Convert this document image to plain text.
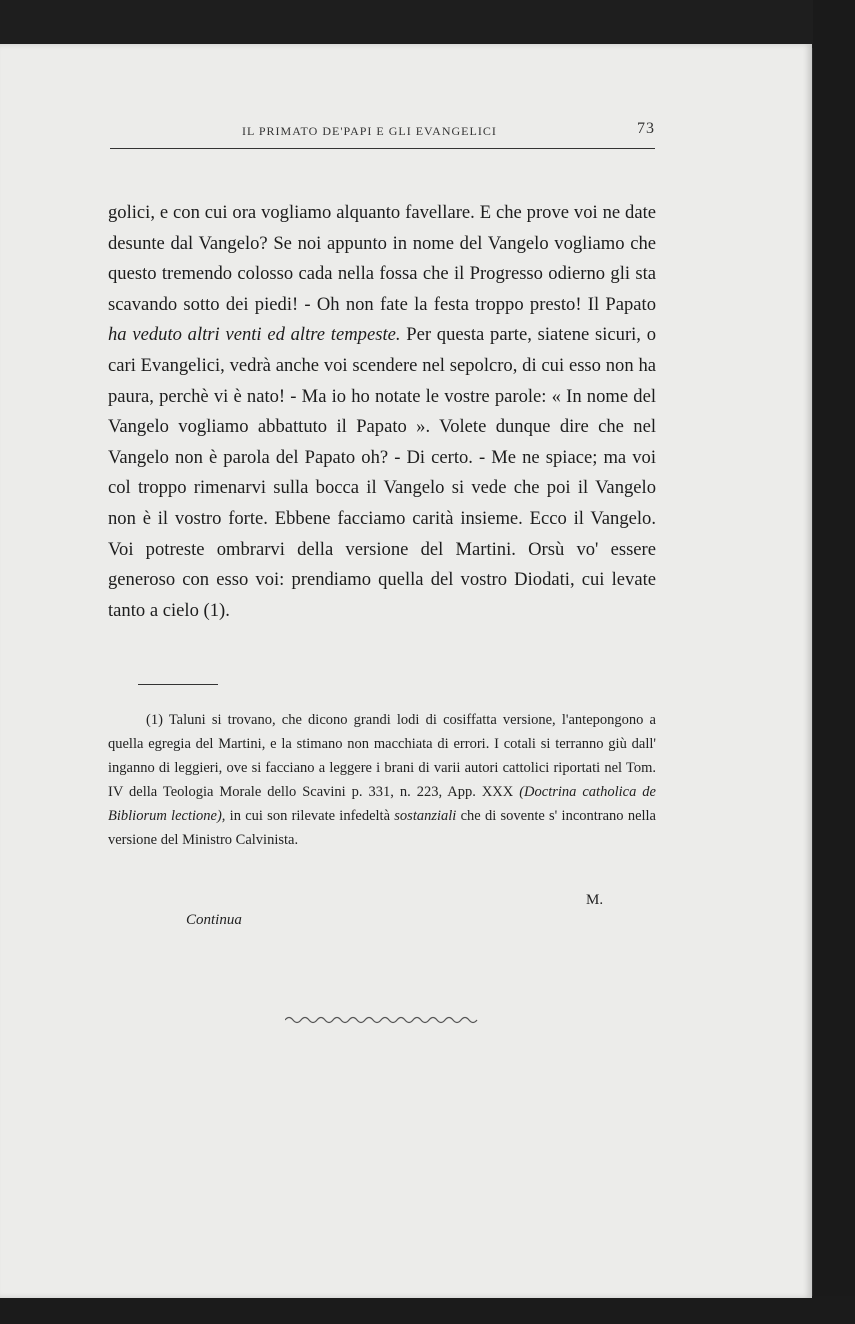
IL PRIMATO DE'PAPI E GLI EVANGELICI	73

golici, e con cui ora vogliamo alquanto favellare. E che prove voi ne date desunte dal Vangelo? Se noi appunto in nome del Vangelo vogliamo che questo tremendo colosso cada nella fossa che il Progresso odierno gli sta scavando sotto dei piedi! - Oh non fate la festa troppo presto! Il Papato ha veduto altri venti ed altre tempeste. Per questa parte, siatene sicuri, o cari Evangelici, vedrà anche voi scendere nel sepolcro, di cui esso non ha paura, perchè vi è nato! - Ma io ho notate le vostre parole: « In nome del Vangelo vogliamo abbattuto il Papato ». Volete dunque dire che nel Vangelo non è parola del Papato oh? - Di certo. - Me ne spiace; ma voi col troppo rimenarvi sulla bocca il Vangelo si vede che poi il Vangelo non è il vostro forte. Ebbene facciamo carità insieme. Ecco il Vangelo. Voi potreste ombrarvi della versione del Martini. Orsù vo' essere generoso con esso voi: prendiamo quella del vostro Diodati, cui levate tanto a cielo (1).

(1) Taluni si trovano, che dicono grandi lodi di cosiffatta versione, l'antepongono a quella egregia del Martini, e la stimano non macchiata di errori. I cotali si terranno giù dall' inganno di leggieri, ove si facciano a leggere i brani di varii autori cattolici riportati nel Tom. IV della Teologia Morale dello Scavini p. 331, n. 223, App. XXX (Doctrina catholica de Bibliorum lectione), in cui son rilevate infedeltà sostanziali che di sovente s' incontrano nella versione del Ministro Calvinista.
M.
Continua
